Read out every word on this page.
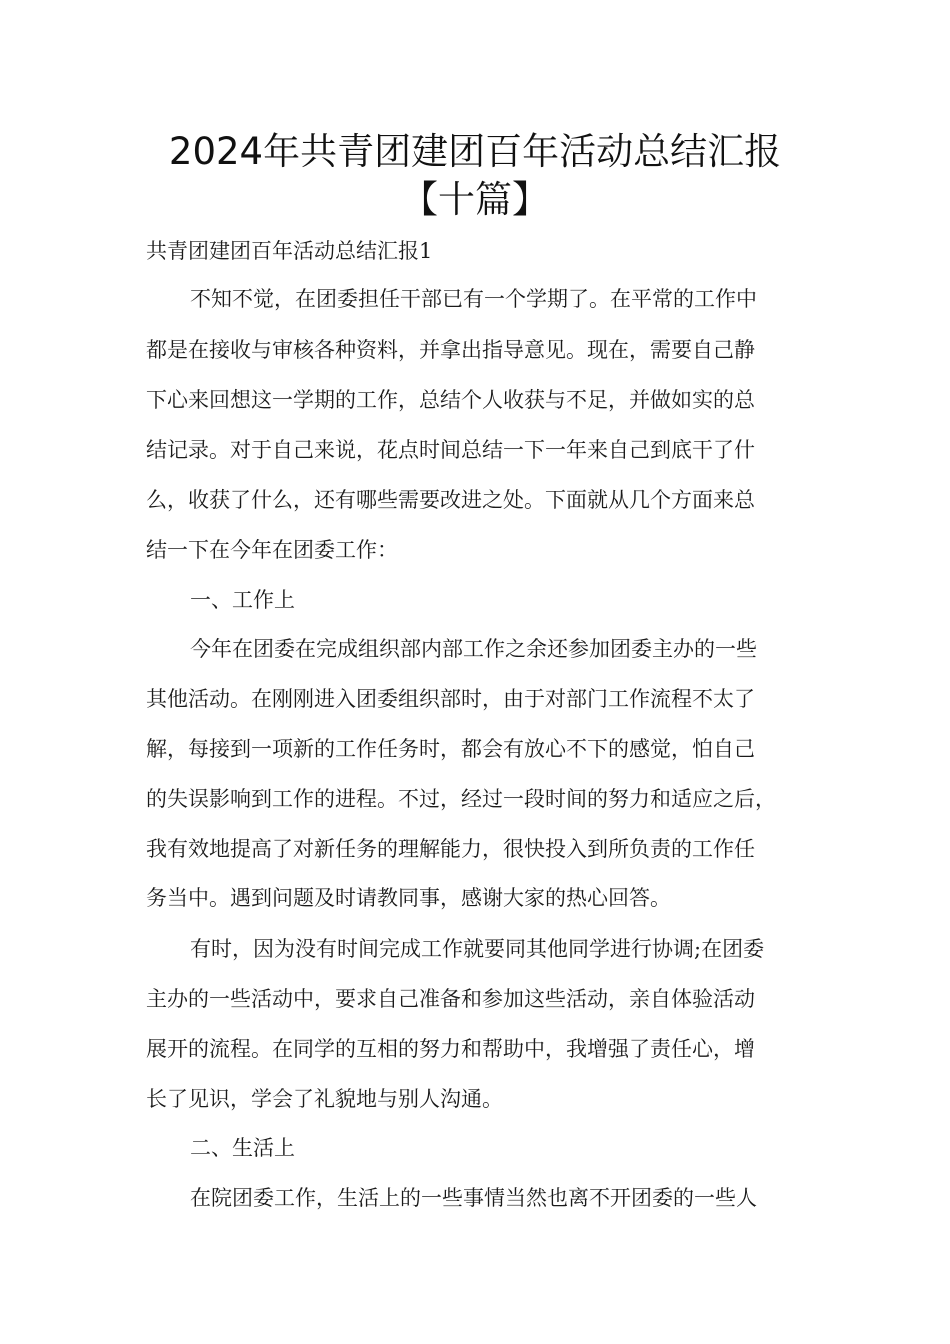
2024年共青团建团百年活动总结汇报
【十篇】
共青团建团百年活动总结汇报1
不知不觉，在团委担任干部已有一个学期了。在平常的工作中
都是在接收与审核各种资料，并拿出指导意见。现在，需要自己静
下心来回想这一学期的工作，总结个人收获与不足，并做如实的总
结记录。对于自己来说，花点时间总结一下一年来自己到底干了什
么，收获了什么，还有哪些需要改进之处。下面就从几个方面来总
结一下在今年在团委工作：
一、工作上
今年在团委在完成组织部内部工作之余还参加团委主办的一些
其他活动。在刚刚进入团委组织部时，由于对部门工作流程不太了
解，每接到一项新的工作任务时，都会有放心不下的感觉，怕自己
的失误影响到工作的进程。不过，经过一段时间的努力和适应之后，
我有效地提高了对新任务的理解能力，很快投入到所负责的工作任
务当中。遇到问题及时请教同事，感谢大家的热心回答。
有时，因为没有时间完成工作就要同其他同学进行协调;在团委
主办的一些活动中，要求自己准备和参加这些活动，亲自体验活动
展开的流程。在同学的互相的努力和帮助中，我增强了责任心，增
长了见识，学会了礼貌地与别人沟通。
二、生活上
在院团委工作，生活上的一些事情当然也离不开团委的一些人
